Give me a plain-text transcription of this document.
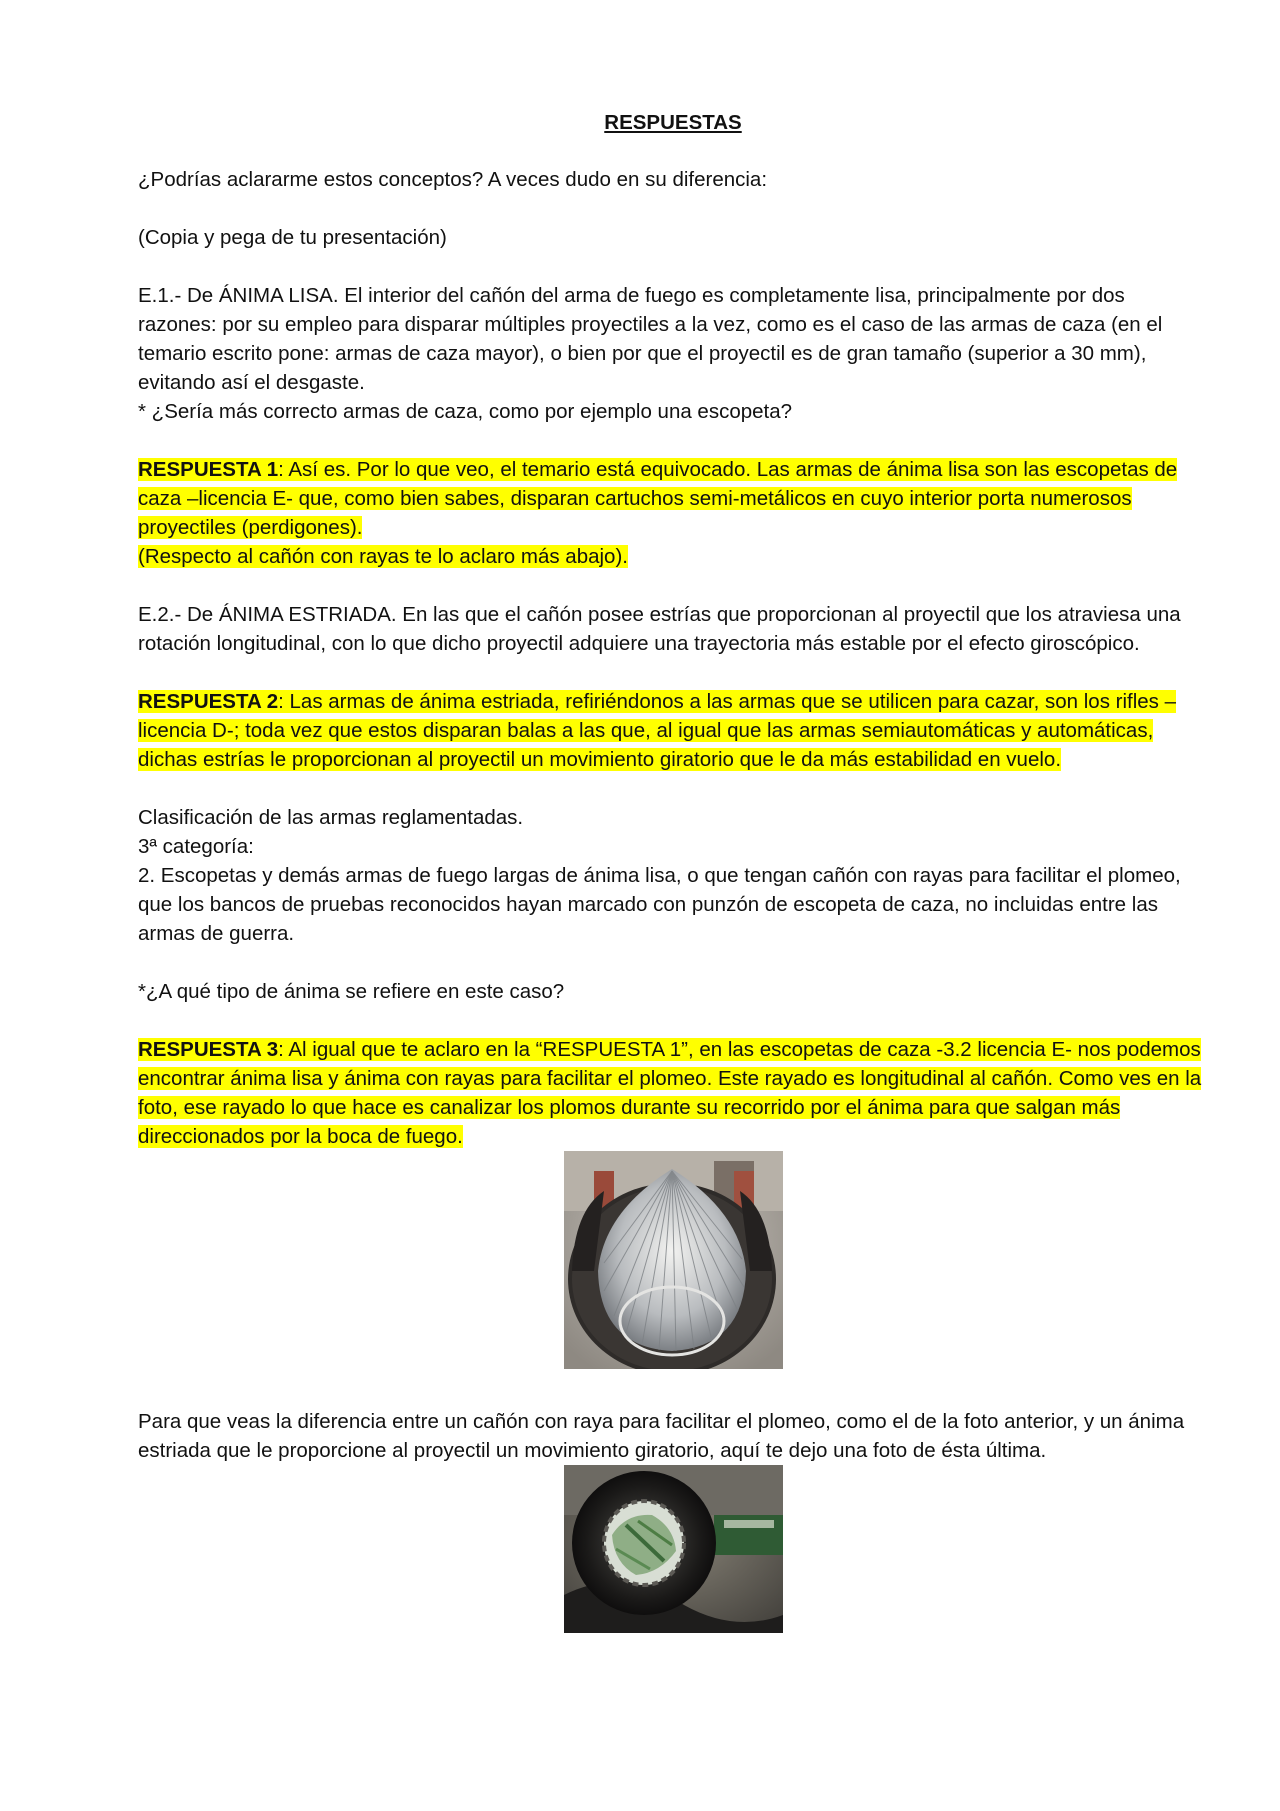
RESPUESTAS

¿Podrías aclararme estos conceptos? A veces dudo en su diferencia:

(Copia y pega de tu presentación)

E.1.- De ÁNIMA LISA. El interior del cañón del arma de fuego es completamente lisa, principalmente por dos razones: por su empleo para disparar múltiples proyectiles a la vez, como es el caso de las armas de caza (en el temario escrito pone: armas de caza mayor), o bien por que el proyectil es de gran tamaño (superior a 30 mm), evitando así el desgaste.

* ¿Sería más correcto armas de caza, como por ejemplo una escopeta?

RESPUESTA 1: Así es. Por lo que veo, el temario está equivocado. Las armas de ánima lisa son las escopetas de caza –licencia E- que, como bien sabes, disparan cartuchos semi-metálicos en cuyo interior porta numerosos proyectiles (perdigones).

(Respecto al cañón con rayas te lo aclaro más abajo).

E.2.- De ÁNIMA ESTRIADA. En las que el cañón posee estrías que proporcionan al proyectil que los atraviesa una rotación longitudinal, con lo que dicho proyectil adquiere una trayectoria más estable por el efecto giroscópico.

RESPUESTA 2: Las armas de ánima estriada, refiriéndonos a las armas que se utilicen para cazar, son los rifles –licencia D-; toda vez que estos disparan balas a las que, al igual que las armas semiautomáticas y automáticas, dichas estrías le proporcionan al proyectil un movimiento giratorio que le da más estabilidad en vuelo.

Clasificación de las armas reglamentadas.

3ª categoría:

2. Escopetas y demás armas de fuego largas de ánima lisa, o que tengan cañón con rayas para facilitar el plomeo, que los bancos de pruebas reconocidos hayan marcado con punzón de escopeta de caza, no incluidas entre las armas de guerra.

*¿A qué tipo de ánima se refiere en este caso?

RESPUESTA 3: Al igual que te aclaro en la “RESPUESTA 1”, en las escopetas de caza -3.2 licencia E- nos podemos encontrar ánima lisa y ánima con rayas para facilitar el plomeo. Este rayado es longitudinal al cañón. Como ves en la foto, ese rayado lo que hace es canalizar los plomos durante su recorrido por el ánima para que salgan más direccionados por la boca de fuego.

Para que veas la diferencia entre un cañón con raya para facilitar el plomeo, como el de la foto anterior, y un ánima estriada que le proporcione al proyectil un movimiento giratorio, aquí te dejo una foto de ésta última.
